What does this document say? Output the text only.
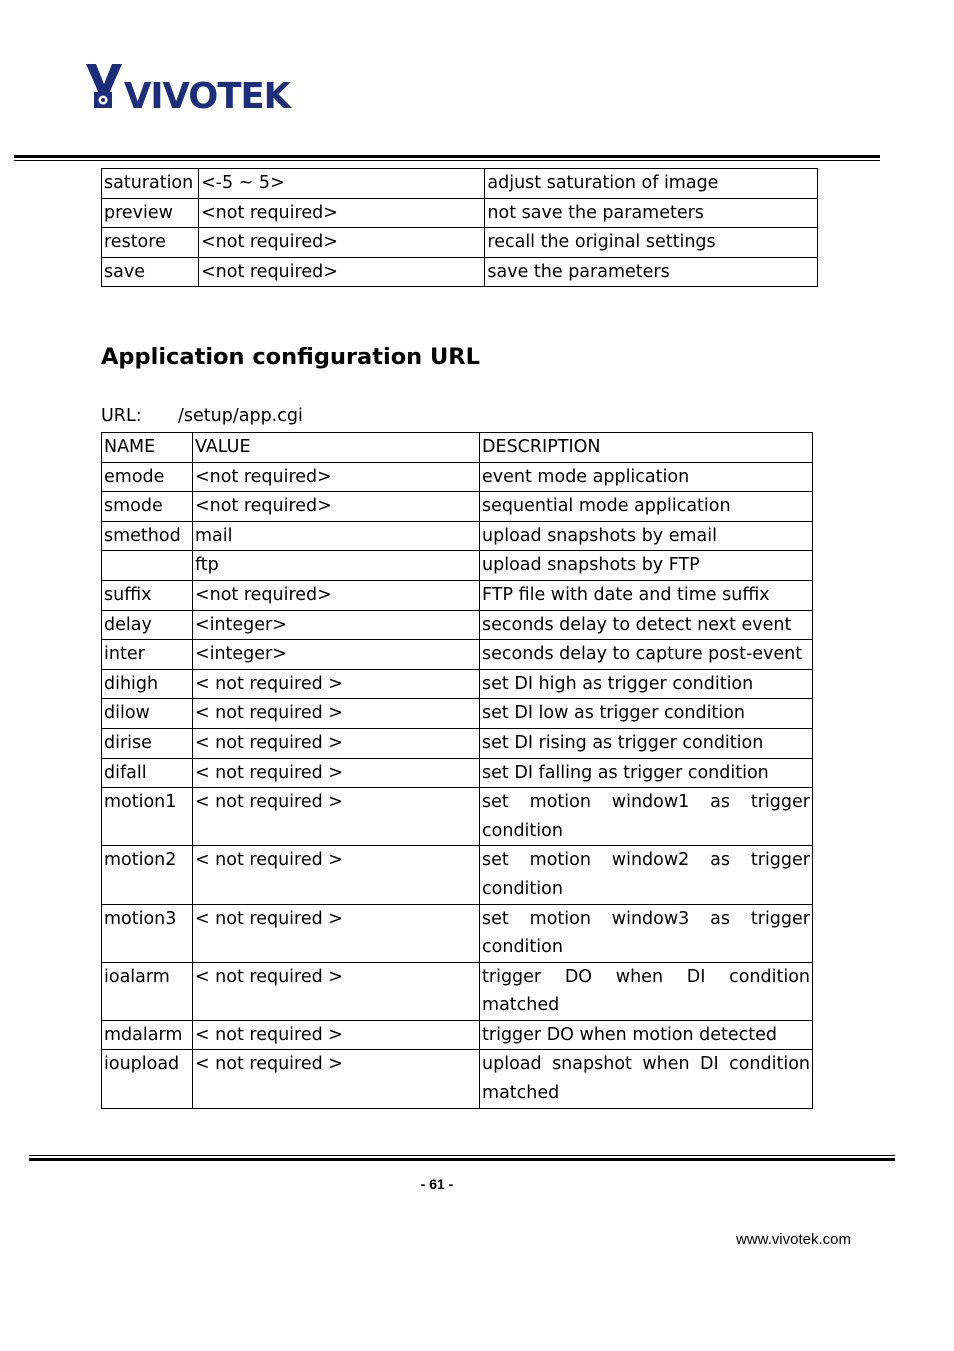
VIVOTEK
saturation	<-5 ~ 5>	adjust saturation of image
preview	<not required>	not save the parameters
restore	<not required>	recall the original settings
save	<not required>	save the parameters
Application configuration URL
URL: /setup/app.cgi
NAME	VALUE	DESCRIPTION
emode	<not required>	event mode application
smode	<not required>	sequential mode application
smethod	mail	upload snapshots by email
	ftp	upload snapshots by FTP
suffix	<not required>	FTP file with date and time suffix
delay	<integer>	seconds delay to detect next event
inter	<integer>	seconds delay to capture post-event
dihigh	< not required >	set DI high as trigger condition
dilow	< not required >	set DI low as trigger condition
dirise	< not required >	set DI rising as trigger condition
difall	< not required >	set DI falling as trigger condition
motion1	< not required >	set motion window1 as trigger condition
motion2	< not required >	set motion window2 as trigger condition
motion3	< not required >	set motion window3 as trigger condition
ioalarm	< not required >	trigger DO when DI condition matched
mdalarm	< not required >	trigger DO when motion detected
ioupload	< not required >	upload snapshot when DI condition matched
- 61 -
www.vivotek.com
